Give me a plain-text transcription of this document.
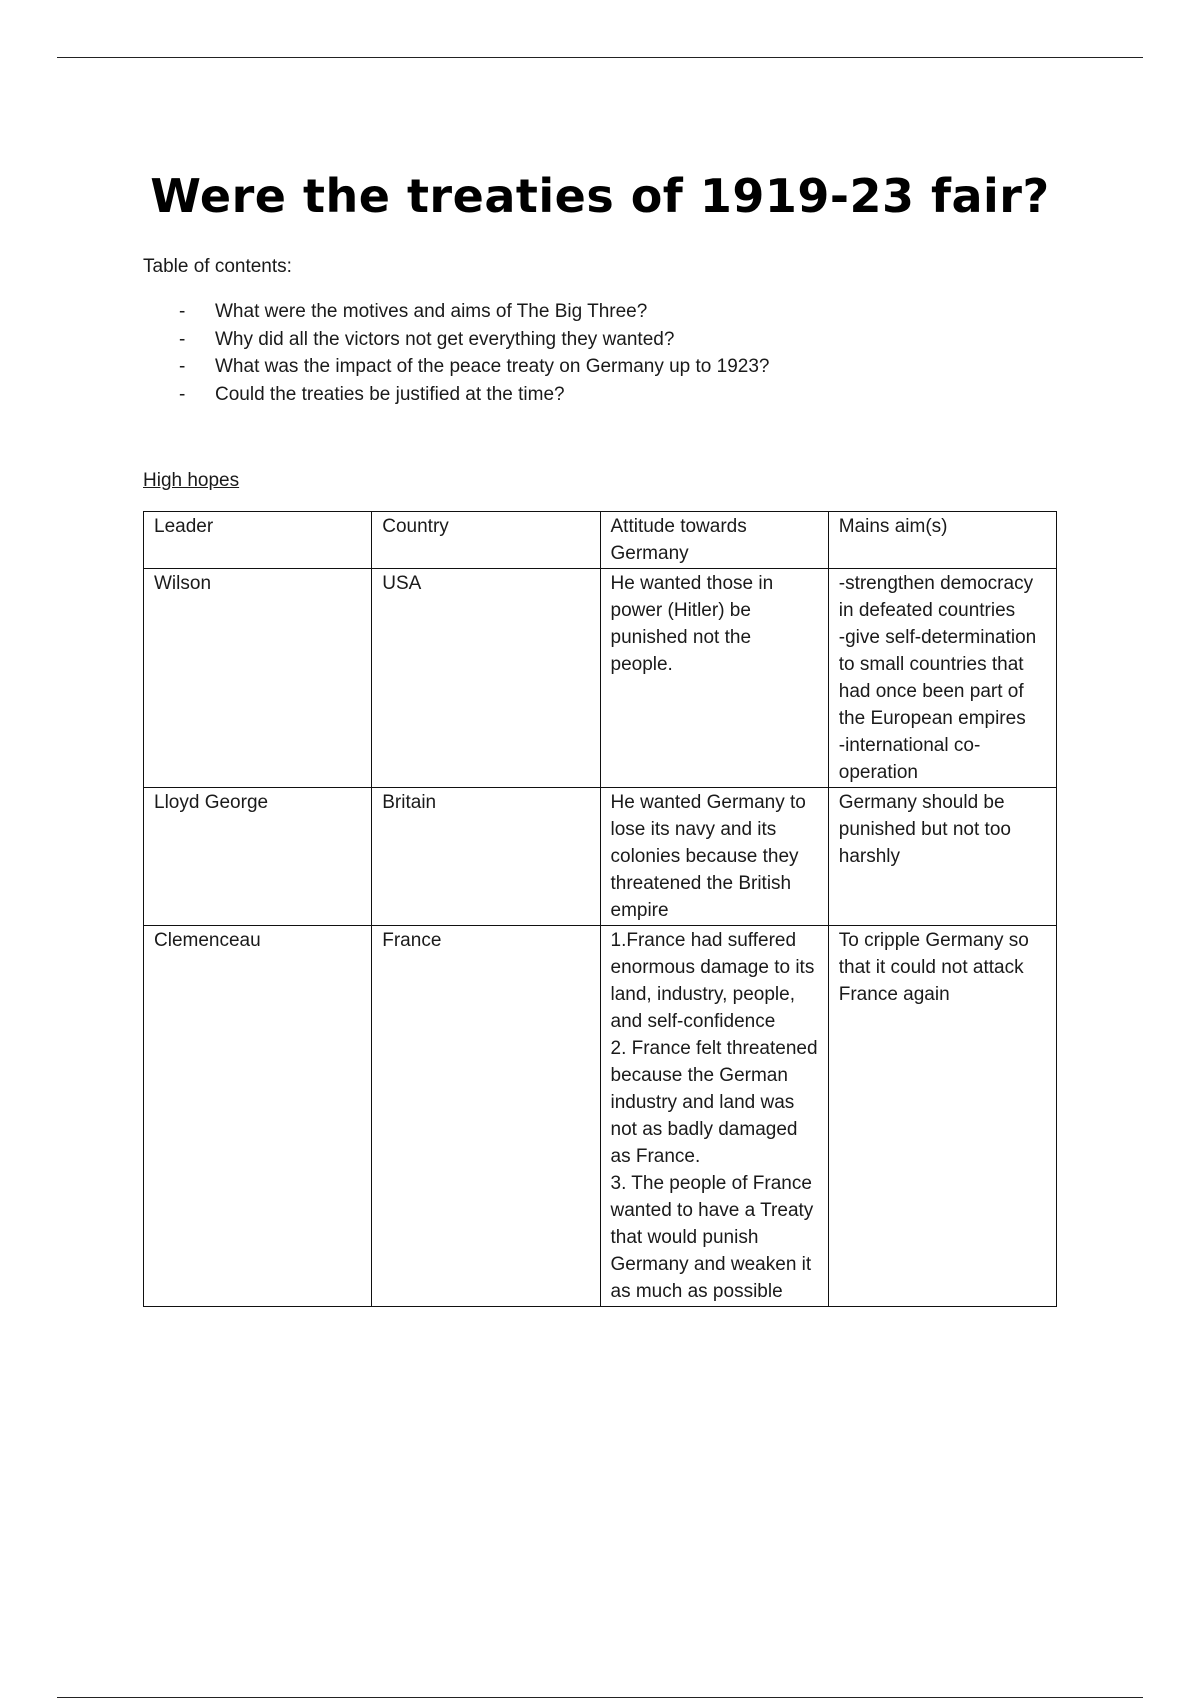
Were the treaties of 1919-23 fair?
Table of contents:
- What were the motives and aims of The Big Three?
- Why did all the victors not get everything they wanted?
- What was the impact of the peace treaty on Germany up to 1923?
- Could the treaties be justified at the time?
High hopes
Leader	Country	Attitude towards Germany	Mains aim(s)
Wilson	USA	He wanted those in power (Hitler) be punished not the people.	-strengthen democracy in defeated countries
-give self-determination to small countries that had once been part of the European empires
-international co-operation
Lloyd George	Britain	He wanted Germany to lose its navy and its colonies because they threatened the British empire	Germany should be punished but not too harshly
Clemenceau	France	1.France had suffered enormous damage to its land, industry, people, and self-confidence
2. France felt threatened because the German industry and land was not as badly damaged as France.
3. The people of France wanted to have a Treaty that would punish Germany and weaken it as much as possible	To cripple Germany so that it could not attack France again
